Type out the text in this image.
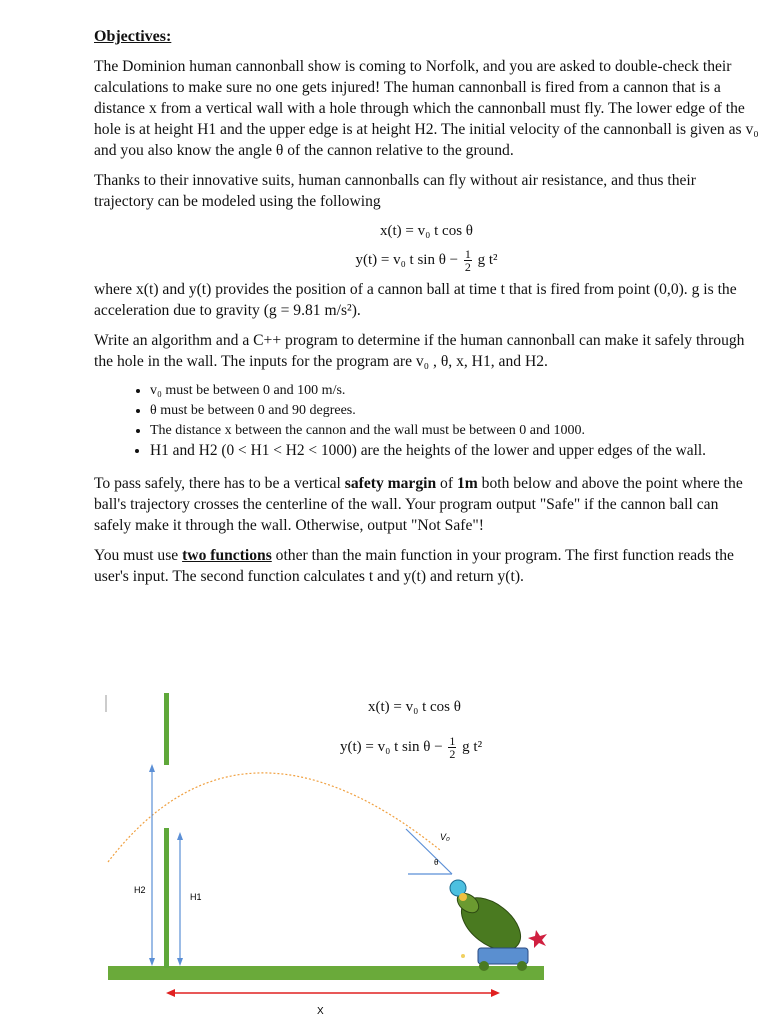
Objectives:

The Dominion human cannonball show is coming to Norfolk, and you are asked to double-check their calculations to make sure no one gets injured! The human cannonball is fired from a cannon that is a distance x from a vertical wall with a hole through which the cannonball must fly. The lower edge of the hole is at height H1 and the upper edge is at height H2. The initial velocity of the cannonball is given as v₀ and you also know the angle θ of the cannon relative to the ground.

Thanks to their innovative suits, human cannonballs can fly without air resistance, and thus their trajectory can be modeled using the following

x(t) = v₀ t cos θ
y(t) = v₀ t $\sin \theta - \frac{1}{2}$ g t²

where x(t) and y(t) provides the position of a cannon ball at time t that is fired from point (0,0). g is the acceleration due to gravity (g = 9.81 m/s²).

Write an algorithm and a C++ program to determine if the human cannonball can make it safely through the hole in the wall. The inputs for the program are v₀ , θ, x, H1, and H2.

• v₀ must be between 0 and 100 m/s.
• θ must be between 0 and 90 degrees.
• The distance x between the cannon and the wall must be between 0 and 1000.
• H1 and H2 (0 < H1 < H2 < 1000) are the heights of the lower and upper edges of the wall.

To pass safely, there has to be a vertical safety margin of 1m both below and above the point where the ball's trajectory crosses the centerline of the wall. Your program output "Safe" if the cannon ball can safely make it through the wall. Otherwise, output "Not Safe"!

You must use two functions other than the main function in your program. The first function reads the user's input. The second function calculates t and y(t) and return y(t).

H2
H1
X
V₀
θ
x(t) = v₀ t cos θ
y(t) = v₀ t $\sin \theta - \frac{1}{2}$ g t²
